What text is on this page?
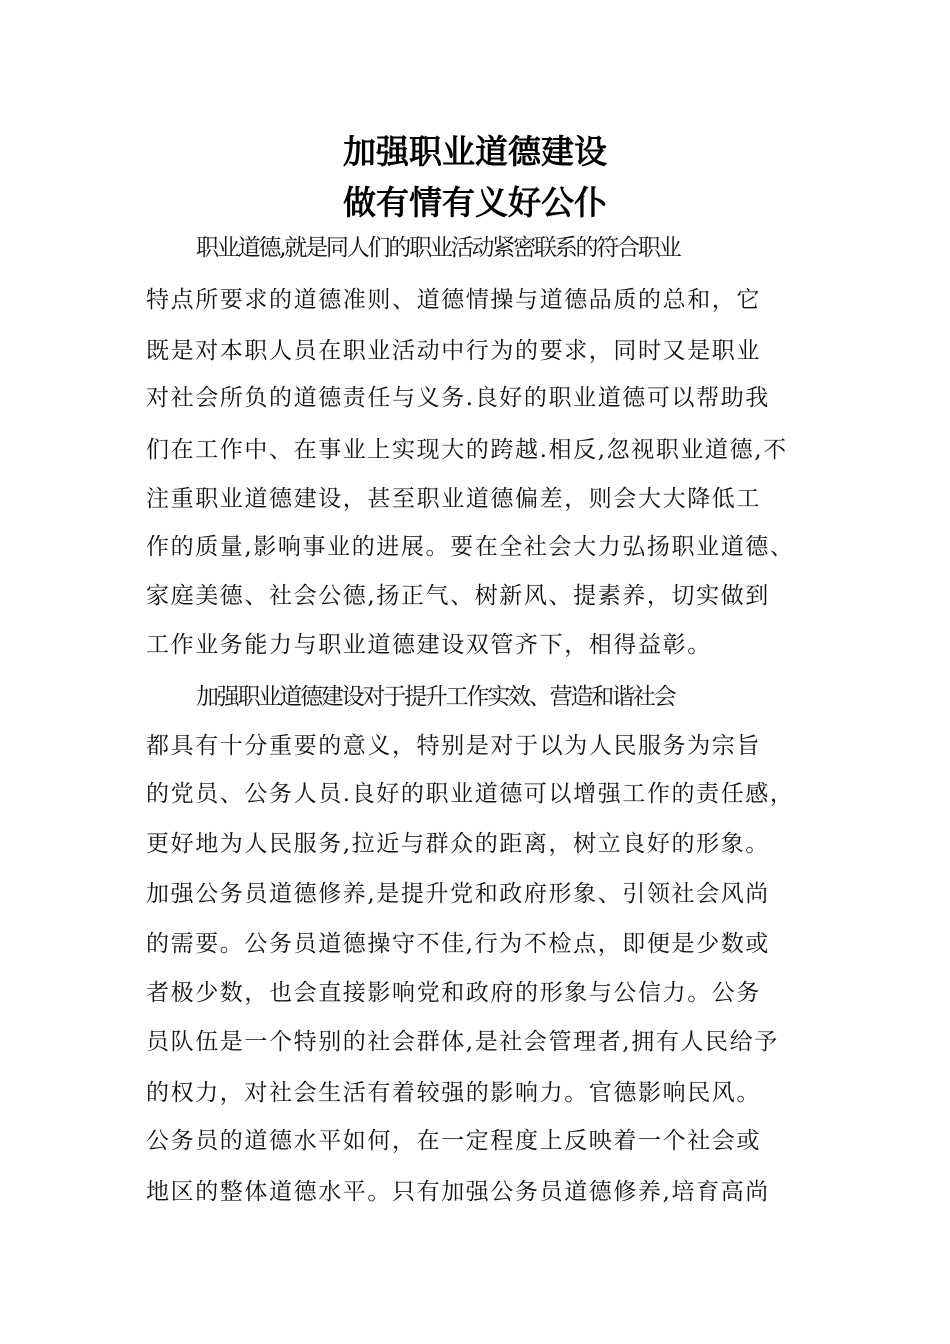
加强职业道德建设
做有情有义好公仆
职业道德,就是同人们的职业活动紧密联系的符合职业
特点所要求的道德准则、道德情操与道德品质的总和，它
既是对本职人员在职业活动中行为的要求，同时又是职业
对社会所负的道德责任与义务.良好的职业道德可以帮助我
们在工作中、在事业上实现大的跨越.相反,忽视职业道德,不
注重职业道德建设，甚至职业道德偏差，则会大大降低工
作的质量,影响事业的进展。要在全社会大力弘扬职业道德、
家庭美德、社会公德,扬正气、树新风、提素养，切实做到
工作业务能力与职业道德建设双管齐下，相得益彰。
加强职业道德建设对于提升工作实效、营造和谐社会
都具有十分重要的意义，特别是对于以为人民服务为宗旨
的党员、公务人员.良好的职业道德可以增强工作的责任感，
更好地为人民服务,拉近与群众的距离，树立良好的形象。
加强公务员道德修养,是提升党和政府形象、引领社会风尚
的需要。公务员道德操守不佳,行为不检点，即便是少数或
者极少数，也会直接影响党和政府的形象与公信力。公务
员队伍是一个特别的社会群体,是社会管理者,拥有人民给予
的权力，对社会生活有着较强的影响力。官德影响民风。
公务员的道德水平如何，在一定程度上反映着一个社会或
地区的整体道德水平。只有加强公务员道德修养,培育高尚
